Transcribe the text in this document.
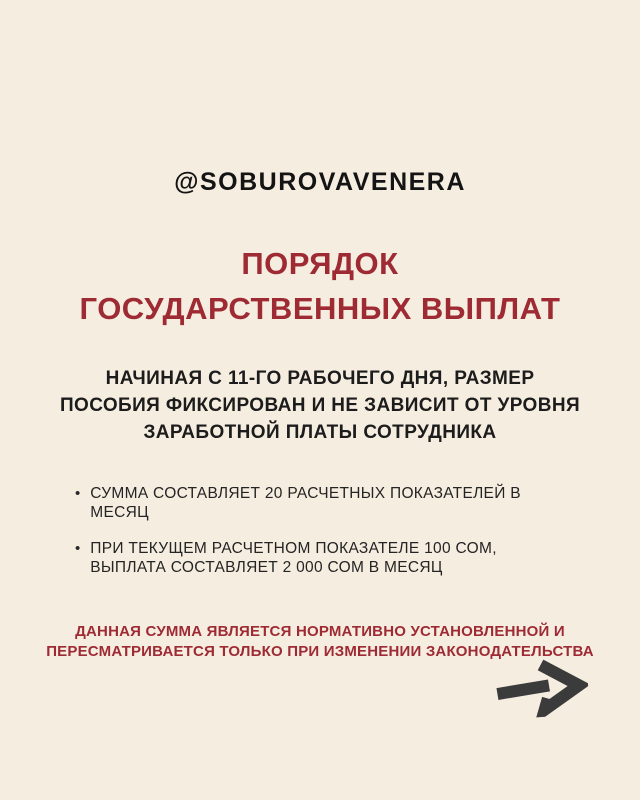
@SOBUROVAVENERA
ПОРЯДОК
ГОСУДАРСТВЕННЫХ ВЫПЛАТ
НАЧИНАЯ С 11-ГО РАБОЧЕГО ДНЯ, РАЗМЕР
ПОСОБИЯ ФИКСИРОВАН И НЕ ЗАВИСИТ ОТ УРОВНЯ
ЗАРАБОТНОЙ ПЛАТЫ СОТРУДНИКА
• СУММА СОСТАВЛЯЕТ 20 РАСЧЕТНЫХ ПОКАЗАТЕЛЕЙ В МЕСЯЦ
• ПРИ ТЕКУЩЕМ РАСЧЕТНОМ ПОКАЗАТЕЛЕ 100 СОМ, ВЫПЛАТА СОСТАВЛЯЕТ 2 000 СОМ В МЕСЯЦ
ДАННАЯ СУММА ЯВЛЯЕТСЯ НОРМАТИВНО УСТАНОВЛЕННОЙ И
ПЕРЕСМАТРИВАЕТСЯ ТОЛЬКО ПРИ ИЗМЕНЕНИИ ЗАКОНОДАТЕЛЬСТВА
